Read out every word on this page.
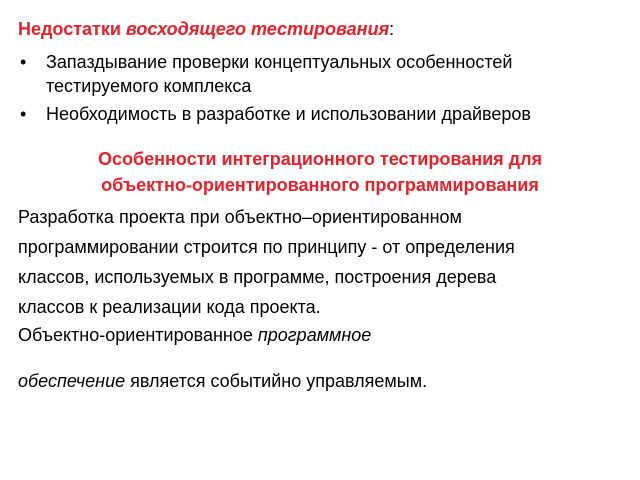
Недостатки восходящего тестирования:
• Запаздывание проверки концептуальных особенностей
тестируемого комплекса
• Необходимость в разработке и использовании драйверов
Особенности интеграционного тестирования для
объектно-ориентированного программирования
Разработка проекта при объектно–ориентированном
программировании строится по принципу - от определения
классов, используемых в программе, построения дерева
классов к реализации кода проекта.
Объектно-ориентированное программное
обеспечение является событийно управляемым.
